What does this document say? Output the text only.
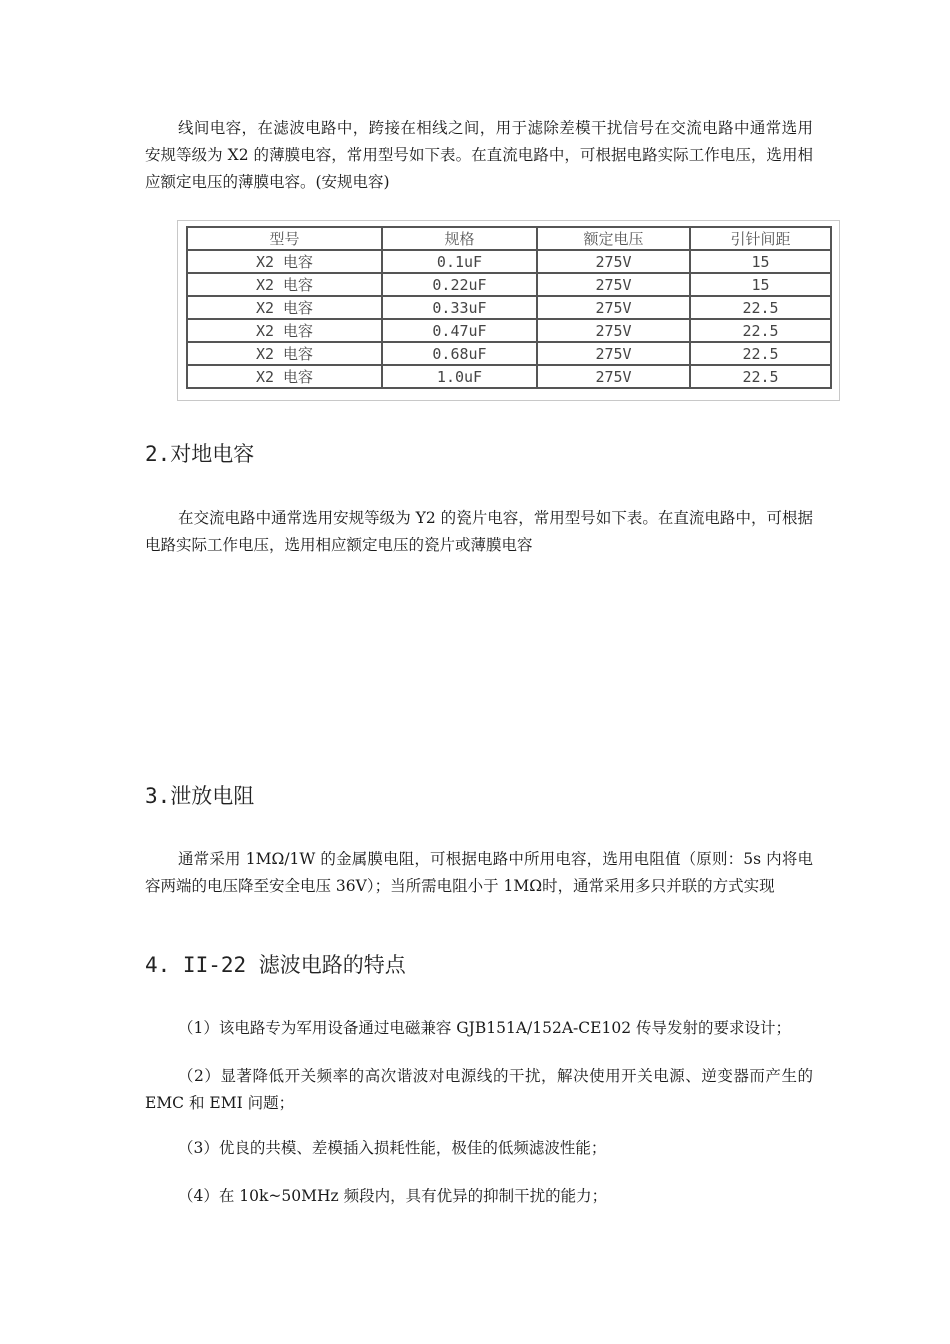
线间电容，在滤波电路中，跨接在相线之间，用于滤除差模干扰信号在交流电路中通常选用安规等级为 X2 的薄膜电容，常用型号如下表。在直流电路中，可根据电路实际工作电压，选用相应额定电压的薄膜电容。(安规电容)

型号	规格	额定电压	引针间距
X2 电容	0.1uF	275V	15
X2 电容	0.22uF	275V	15
X2 电容	0.33uF	275V	22.5
X2 电容	0.47uF	275V	22.5
X2 电容	0.68uF	275V	22.5
X2 电容	1.0uF	275V	22.5
2.对地电容

在交流电路中通常选用安规等级为 Y2 的瓷片电容，常用型号如下表。在直流电路中，可根据电路实际工作电压，选用相应额定电压的瓷片或薄膜电容

3.泄放电阻

通常采用 1MΩ/1W 的金属膜电阻，可根据电路中所用电容，选用电阻值（原则：5s 内将电容两端的电压降至安全电压 36V）；当所需电阻小于 1MΩ时，通常采用多只并联的方式实现

4. II-22 滤波电路的特点

（1）该电路专为军用设备通过电磁兼容 GJB151A/152A-CE102 传导发射的要求设计；

（2）显著降低开关频率的高次谐波对电源线的干扰，解决使用开关电源、逆变器而产生的 EMC 和 EMI 问题；

（3）优良的共模、差模插入损耗性能，极佳的低频滤波性能；

（4）在 10k~50MHz 频段内，具有优异的抑制干扰的能力；
